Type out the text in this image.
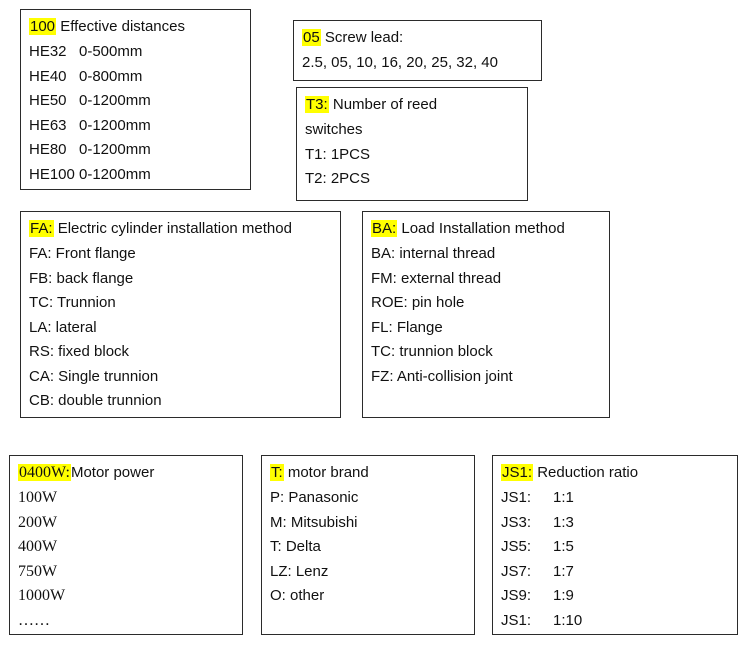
100 Effective distances
HE32 0-500mm
HE40 0-800mm
HE50 0-1200mm
HE63 0-1200mm
HE80 0-1200mm
HE100 0-1200mm
05 Screw lead:
2.5, 05, 10, 16, 20, 25, 32, 40
T3: Number of reed
switches
T1: 1PCS
T2: 2PCS
FA: Electric cylinder installation method
FA: Front flange
FB: back flange
TC: Trunnion
LA: lateral
RS: fixed block
CA: Single trunnion
CB: double trunnion
BA: Load Installation method
BA: internal thread
FM: external thread
ROE: pin hole
FL: Flange
TC: trunnion block
FZ: Anti-collision joint
0400W:Motor power
100W
200W
400W
750W
1000W
……
T: motor brand
P: Panasonic
M: Mitsubishi
T: Delta
LZ: Lenz
O: other
JS1: Reduction ratio
JS1: 1:1
JS3: 1:3
JS5: 1:5
JS7: 1:7
JS9: 1:9
JS1: 1:10
